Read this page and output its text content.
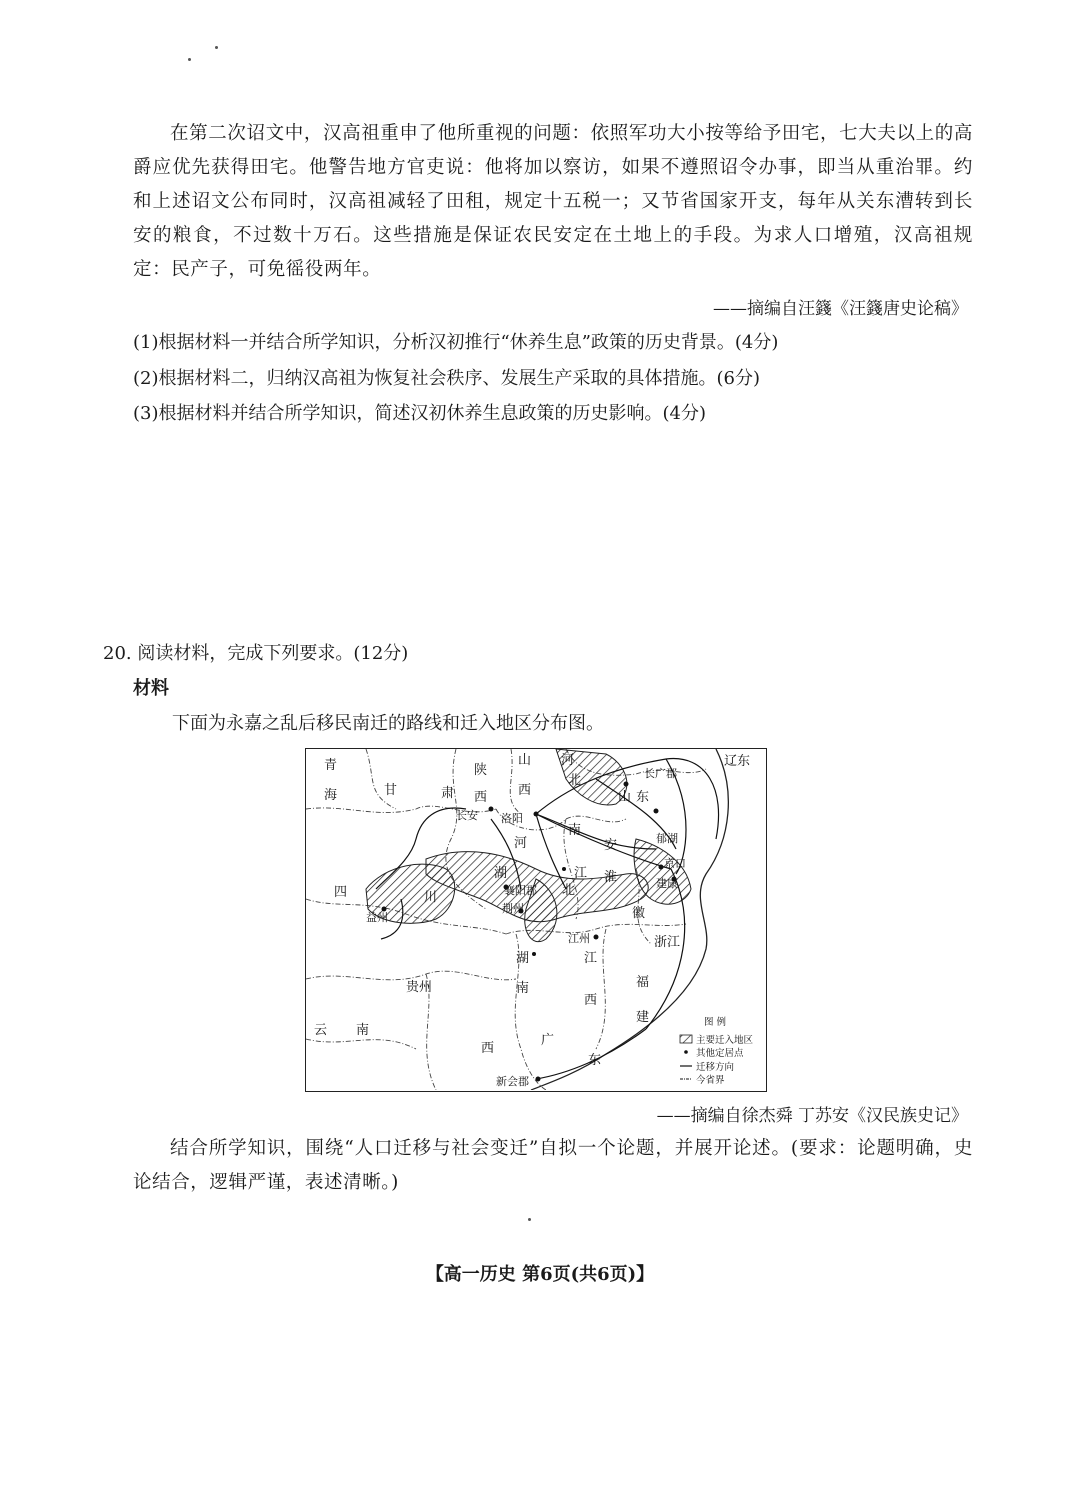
在第二次诏文中，汉高祖重申了他所重视的问题：依照军功大小按等给予田宅，七大夫以上的高爵应优先获得田宅。他警告地方官吏说：他将加以察访，如果不遵照诏令办事，即当从重治罪。约和上述诏文公布同时，汉高祖减轻了田租，规定十五税一；又节省国家开支，每年从关东漕转到长安的粮食，不过数十万石。这些措施是保证农民安定在土地上的手段。为求人口增殖，汉高祖规定：民产子，可免徭役两年。

——摘编自汪籛《汪籛唐史论稿》

(1)根据材料一并结合所学知识，分析汉初推行“休养生息”政策的历史背景。(4分)

(2)根据材料二，归纳汉高祖为恢复社会秩序、发展生产采取的具体措施。(6分)

(3)根据材料并结合所学知识，简述汉初休养生息政策的历史影响。(4分)

20. 阅读材料，完成下列要求。(12分)

材料

下面为永嘉之乱后移民南迁的路线和迁入地区分布图。

青
海	甘	肃
陕
西
山
西
河
北
山 东
河
南
安
徽
四	川
湖
北
湖
南
江
西
浙江
福
建
贵州
云 南
西
广
东
辽东
江 淮
长安 洛阳
长广郡
郁湖
襄阳郡
荆州
江州
益州
京口
建康
新会郡
图 例
主要迁入地区
其他定居点
迁移方向
今省界

——摘编自徐杰舜 丁苏安《汉民族史记》

结合所学知识，围绕“人口迁移与社会变迁”自拟一个论题，并展开论述。(要求：论题明确，史论结合，逻辑严谨，表述清晰。)

【高一历史 第6页(共6页)】
